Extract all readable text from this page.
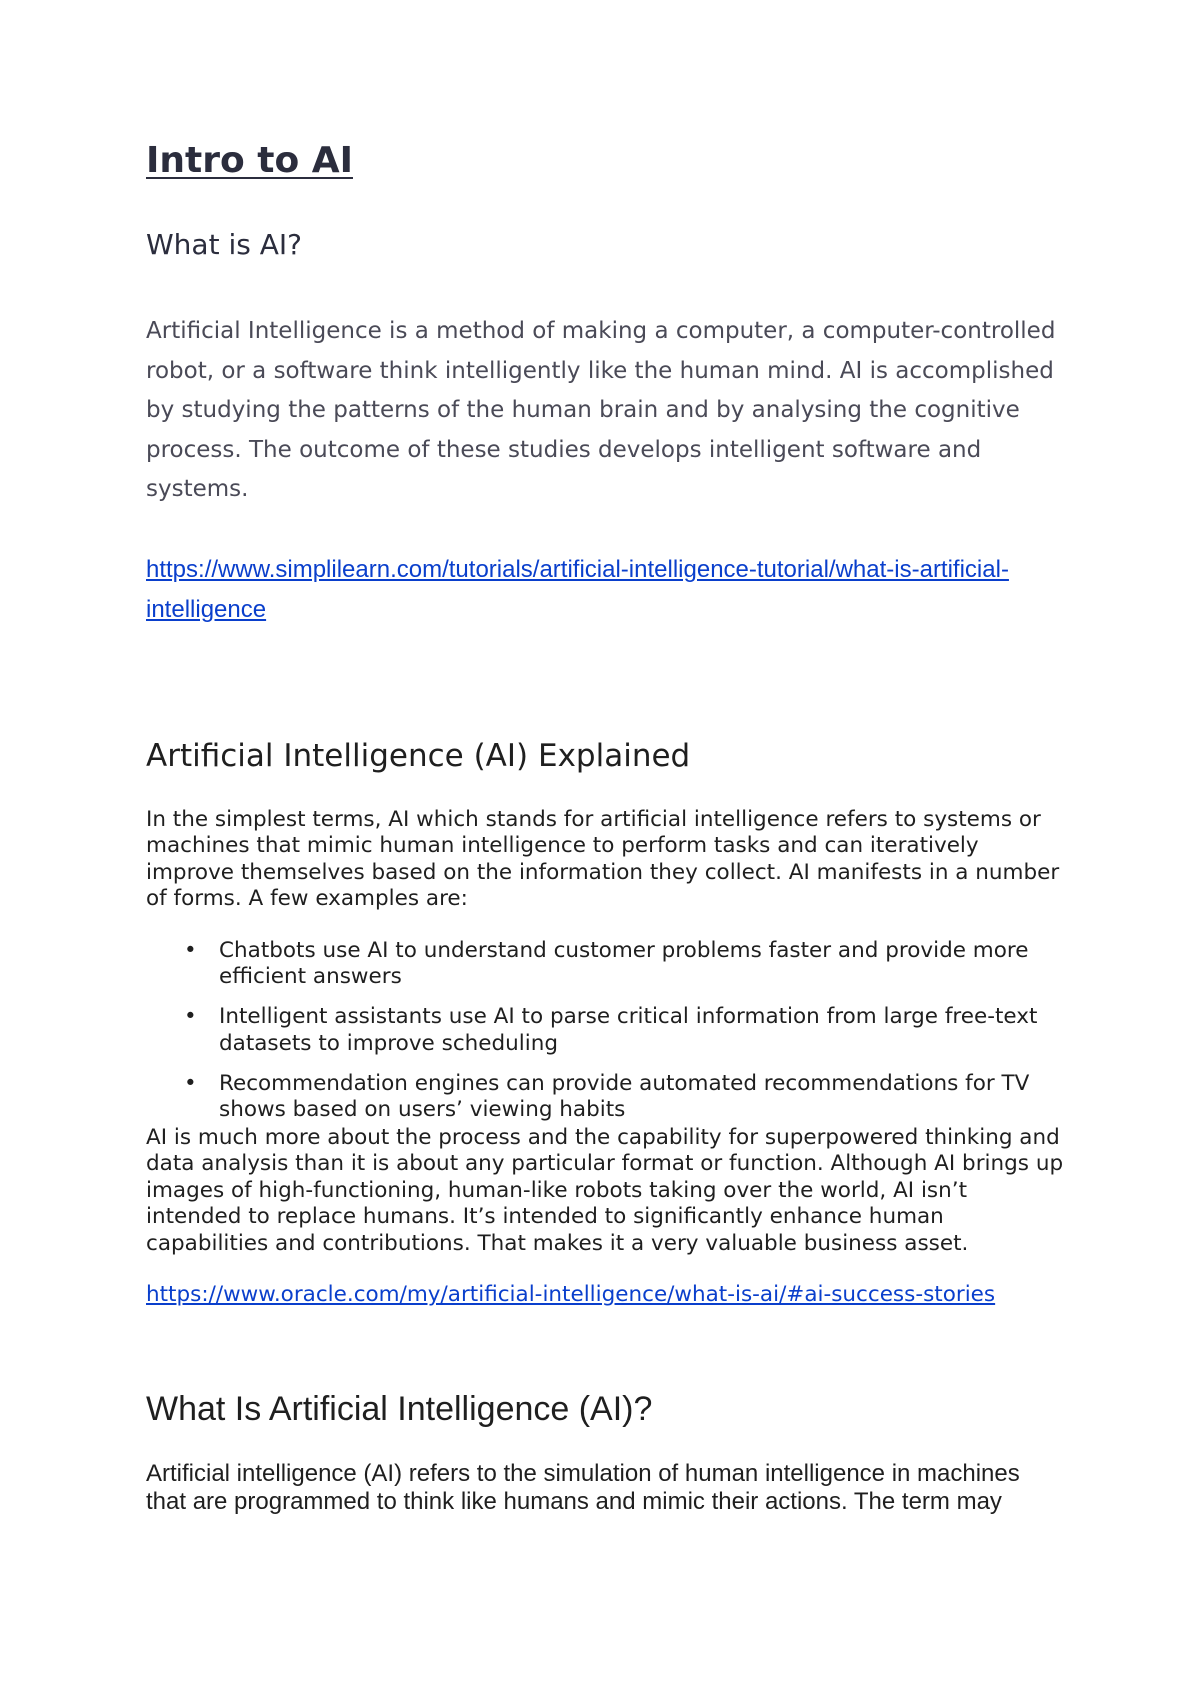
Intro to AI
What is AI?

Artificial Intelligence is a method of making a computer, a computer-controlled robot, or a software think intelligently like the human mind. AI is accomplished by studying the patterns of the human brain and by analysing the cognitive process. The outcome of these studies develops intelligent software and systems.

https://www.simplilearn.com/tutorials/artificial-intelligence-tutorial/what-is-artificial-intelligence

Artificial Intelligence (AI) Explained

In the simplest terms, AI which stands for artificial intelligence refers to systems or machines that mimic human intelligence to perform tasks and can iteratively improve themselves based on the information they collect. AI manifests in a number of forms. A few examples are:

• Chatbots use AI to understand customer problems faster and provide more efficient answers
• Intelligent assistants use AI to parse critical information from large free-text datasets to improve scheduling
• Recommendation engines can provide automated recommendations for TV shows based on users’ viewing habits

AI is much more about the process and the capability for superpowered thinking and data analysis than it is about any particular format or function. Although AI brings up images of high-functioning, human-like robots taking over the world, AI isn’t intended to replace humans. It’s intended to significantly enhance human capabilities and contributions. That makes it a very valuable business asset.

https://www.oracle.com/my/artificial-intelligence/what-is-ai/#ai-success-stories

What Is Artificial Intelligence (AI)?

Artificial intelligence (AI) refers to the simulation of human intelligence in machines that are programmed to think like humans and mimic their actions. The term may
